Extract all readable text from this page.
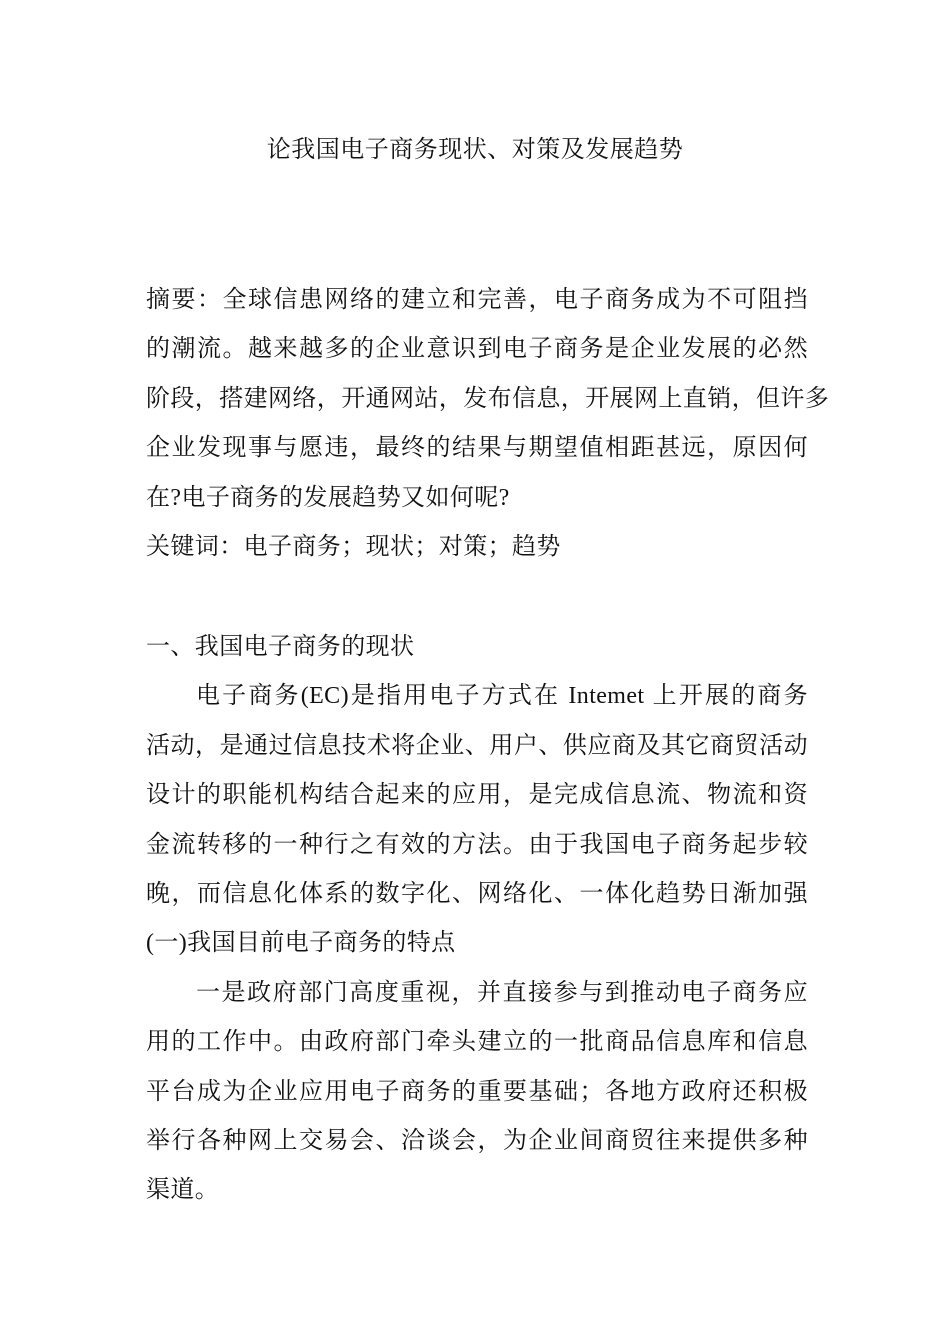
论我国电子商务现状、对策及发展趋势
摘要：全球信患网络的建立和完善，电子商务成为不可阻挡
的潮流。越来越多的企业意识到电子商务是企业发展的必然
阶段，搭建网络，开通网站，发布信息，开展网上直销，但许多
企业发现事与愿违，最终的结果与期望值相距甚远，原因何
在?电子商务的发展趋势又如何呢?
关键词：电子商务；现状；对策；趋势
一、我国电子商务的现状
电子商务(EC)是指用电子方式在 Intemet 上开展的商务
活动，是通过信息技术将企业、用户、供应商及其它商贸活动
设计的职能机构结合起来的应用，是完成信息流、物流和资
金流转移的一种行之有效的方法。由于我国电子商务起步较
晚，而信息化体系的数字化、网络化、一体化趋势日渐加强
(一)我国目前电子商务的特点
一是政府部门高度重视，并直接参与到推动电子商务应
用的工作中。由政府部门牵头建立的一批商品信息库和信息
平台成为企业应用电子商务的重要基础；各地方政府还积极
举行各种网上交易会、洽谈会，为企业间商贸往来提供多种
渠道。
